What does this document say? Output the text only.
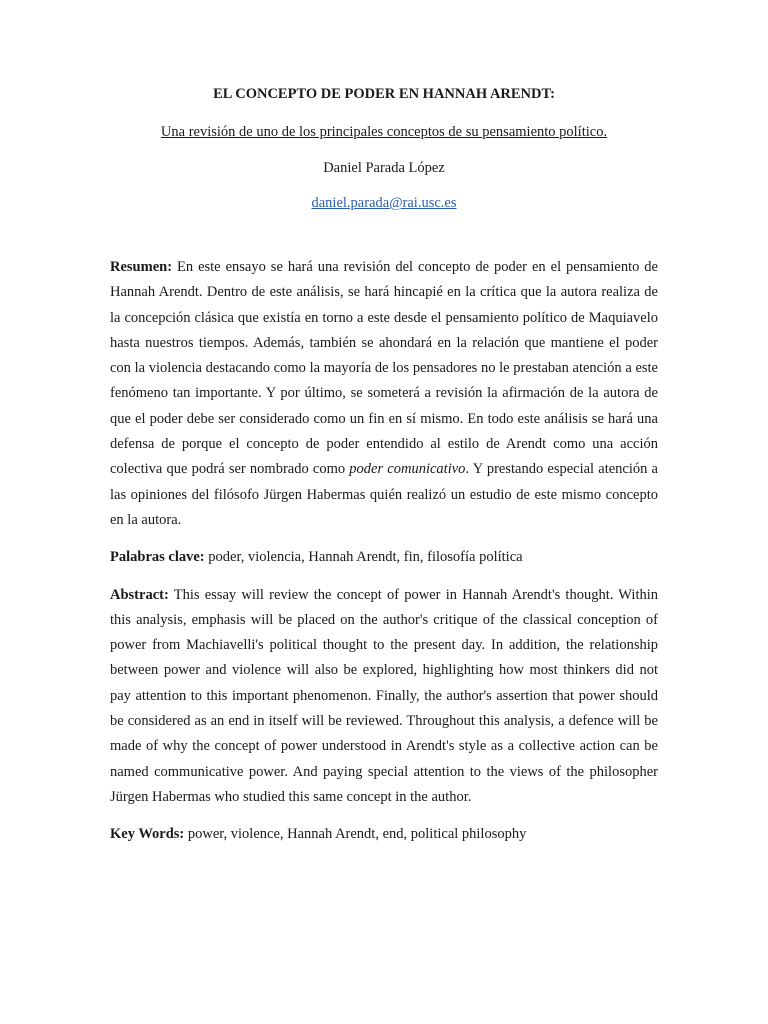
EL CONCEPTO DE PODER EN HANNAH ARENDT:

Una revisión de uno de los principales conceptos de su pensamiento político.

Daniel Parada López

daniel.parada@rai.usc.es

Resumen: En este ensayo se hará una revisión del concepto de poder en el pensamiento de Hannah Arendt. Dentro de este análisis, se hará hincapié en la crítica que la autora realiza de la concepción clásica que existía en torno a este desde el pensamiento político de Maquiavelo hasta nuestros tiempos. Además, también se ahondará en la relación que mantiene el poder con la violencia destacando como la mayoría de los pensadores no le prestaban atención a este fenómeno tan importante. Y por último, se someterá a revisión la afirmación de la autora de que el poder debe ser considerado como un fin en sí mismo. En todo este análisis se hará una defensa de porque el concepto de poder entendido al estilo de Arendt como una acción colectiva que podrá ser nombrado como poder comunicativo. Y prestando especial atención a las opiniones del filósofo Jürgen Habermas quién realizó un estudio de este mismo concepto en la autora.

Palabras clave: poder, violencia, Hannah Arendt, fin, filosofía política

Abstract: This essay will review the concept of power in Hannah Arendt's thought. Within this analysis, emphasis will be placed on the author's critique of the classical conception of power from Machiavelli's political thought to the present day. In addition, the relationship between power and violence will also be explored, highlighting how most thinkers did not pay attention to this important phenomenon. Finally, the author's assertion that power should be considered as an end in itself will be reviewed. Throughout this analysis, a defence will be made of why the concept of power understood in Arendt's style as a collective action can be named communicative power. And paying special attention to the views of the philosopher Jürgen Habermas who studied this same concept in the author.

Key Words: power, violence, Hannah Arendt, end, political philosophy
